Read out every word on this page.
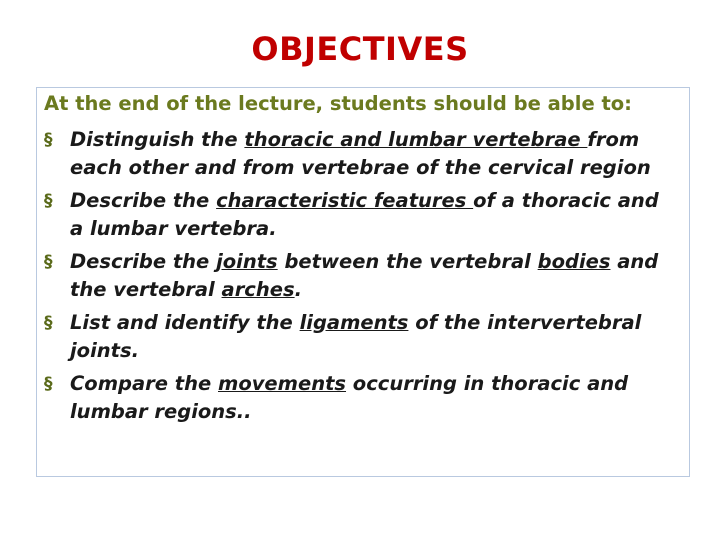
OBJECTIVES
At the end of the lecture, students should be able to:
§ Distinguish the thoracic and lumbar vertebrae from
each other and from vertebrae of the cervical region
§ Describe the characteristic features of a thoracic and
a lumbar vertebra.
§ Describe the joints between the vertebral bodies and
the vertebral arches.
§ List and identify the ligaments of the intervertebral
joints.
§ Compare the movements occurring in thoracic and
lumbar regions..
